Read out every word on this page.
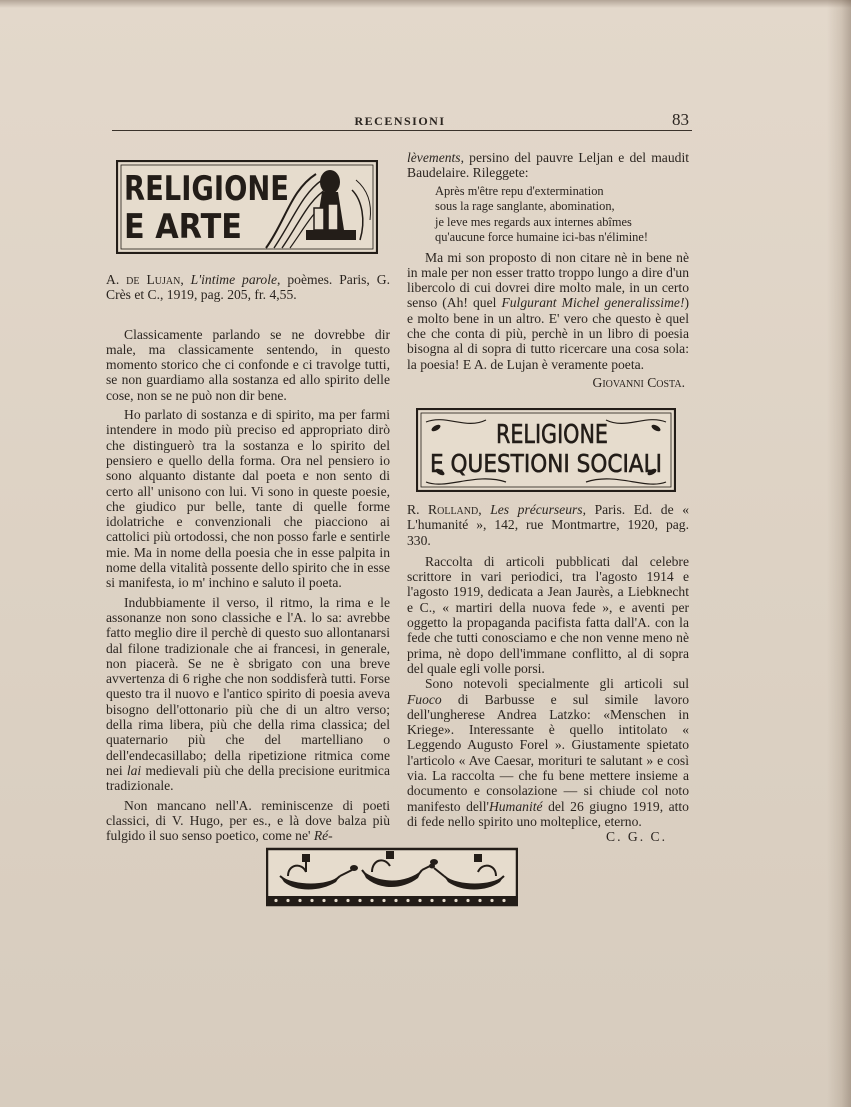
RECENSIONI	83
RELIGIONE
E ARTE

A. de Lujan, L'intime parole, poèmes. Paris, G. Crès et C., 1919, pag. 205, fr. 4,55.

Classicamente parlando se ne dovrebbe dir male, ma classicamente sentendo, in questo momento storico che ci confonde e ci travolge tutti, se non guardiamo alla sostanza ed allo spirito delle cose, non se ne può non dir bene.

Ho parlato di sostanza e di spirito, ma per farmi intendere in modo più preciso ed appropriato dirò che distinguerò tra la sostanza e lo spirito del pensiero e quello della forma. Ora nel pensiero io sono alquanto distante dal poeta e non sento di certo all' unisono con lui. Vi sono in queste poesie, che giudico pur belle, tante di quelle forme idolatriche e convenzionali che piacciono ai cattolici più ortodossi, che non posso farle e sentirle mie. Ma in nome della poesia che in esse palpita in nome della vitalità possente dello spirito che in esse si manifesta, io m' inchino e saluto il poeta.

Indubbiamente il verso, il ritmo, la rima e le assonanze non sono classiche e l'A. lo sa: avrebbe fatto meglio dire il perchè di questo suo allontanarsi dal filone tradizionale che ai francesi, in generale, non piacerà. Se ne è sbrigato con una breve avvertenza di 6 righe che non soddisferà tutti. Forse questo tra il nuovo e l'antico spirito di poesia aveva bisogno dell'ottonario più che di un altro verso; della rima libera, più che della rima classica; del quaternario più che del martelliano o dell'endecasillabo; della ripetizione ritmica come nei lai medievali più che della precisione euritmica tradizionale.

Non mancano nell'A. reminiscenze di poeti classici, di V. Hugo, per es., e là dove balza più fulgido il suo senso poetico, come ne' Ré-

lèvements, persino del pauvre Leljan e del maudit Baudelaire. Rileggete:

Après m'être repu d'extermination
sous la rage sanglante, abomination,
je leve mes regards aux internes abîmes
qu'aucune force humaine ici-bas n'élimine!

Ma mi son proposto di non citare nè in bene nè in male per non esser tratto troppo lungo a dire d'un libercolo di cui dovrei dire molto male, in un certo senso (Ah! quel Fulgurant Michel generalissime!) e molto bene in un altro. E' vero che questo è quel che che conta di più, perchè in un libro di poesia bisogna al di sopra di tutto ricercare una cosa sola: la poesia! E A. de Lujan è veramente poeta.

Giovanni Costa.
RELIGIONE
E QUESTIONI SOCIALI

R. Rolland, Les précurseurs, Paris. Ed. de « L'humanité », 142, rue Montmartre, 1920, pag. 330.

Raccolta di articoli pubblicati dal celebre scrittore in vari periodici, tra l'agosto 1914 e l'agosto 1919, dedicata a Jean Jaurès, a Liebknecht e C., « martiri della nuova fede », e aventi per oggetto la propaganda pacifista fatta dall'A. con la fede che tutti conosciamo e che non venne meno nè prima, nè dopo dell'immane conflitto, al di sopra del quale egli volle porsi.

Sono notevoli specialmente gli articoli sul Fuoco di Barbusse e sul simile lavoro dell'ungherese Andrea Latzko: «Menschen in Kriege». Interessante è quello intitolato « Leggendo Augusto Forel ». Giustamente spietato l'articolo « Ave Caesar, morituri te salutant » e così via. La raccolta — che fu bene mettere insieme a documento e consolazione — si chiude col noto manifesto dell'Humanité del 26 giugno 1919, atto di fede nello spirito uno molteplice, eterno.

C. G. C.
